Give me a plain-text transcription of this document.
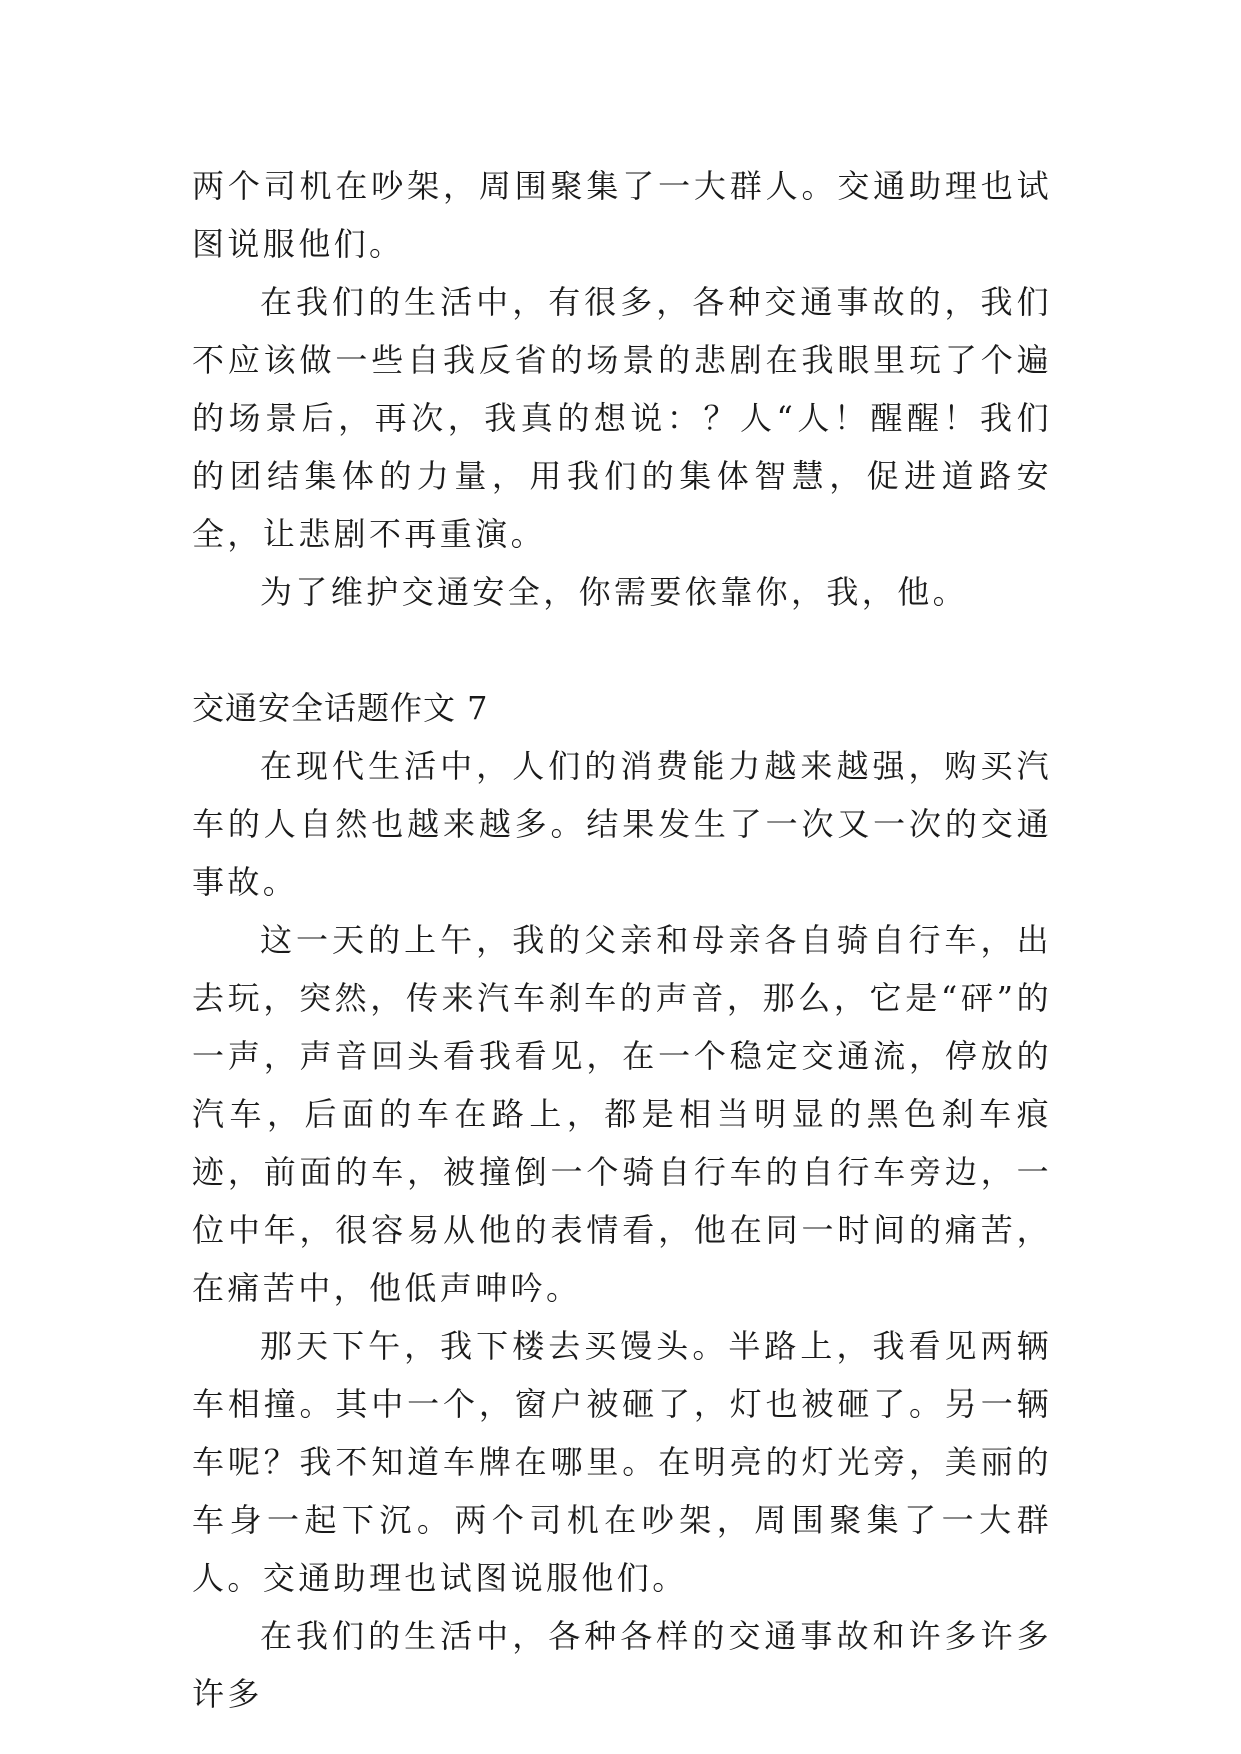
两个司机在吵架，周围聚集了一大群人。交通助理也试图说服他们。

在我们的生活中，有很多，各种交通事故的，我们不应该做一些自我反省的场景的悲剧在我眼里玩了个遍的场景后，再次，我真的想说：？人“人！醒醒！我们的团结集体的力量，用我们的集体智慧，促进道路安全，让悲剧不再重演。

为了维护交通安全，你需要依靠你，我，他。

交通安全话题作文 7

在现代生活中，人们的消费能力越来越强，购买汽车的人自然也越来越多。结果发生了一次又一次的交通事故。

这一天的上午，我的父亲和母亲各自骑自行车，出去玩，突然，传来汽车刹车的声音，那么，它是“砰”的一声，声音回头看我看见，在一个稳定交通流，停放的汽车，后面的车在路上，都是相当明显的黑色刹车痕迹，前面的车，被撞倒一个骑自行车的自行车旁边，一位中年，很容易从他的表情看，他在同一时间的痛苦，在痛苦中，他低声呻吟。

那天下午，我下楼去买馒头。半路上，我看见两辆车相撞。其中一个，窗户被砸了，灯也被砸了。另一辆车呢？我不知道车牌在哪里。在明亮的灯光旁，美丽的车身一起下沉。两个司机在吵架，周围聚集了一大群人。交通助理也试图说服他们。

在我们的生活中，各种各样的交通事故和许多许多许多
